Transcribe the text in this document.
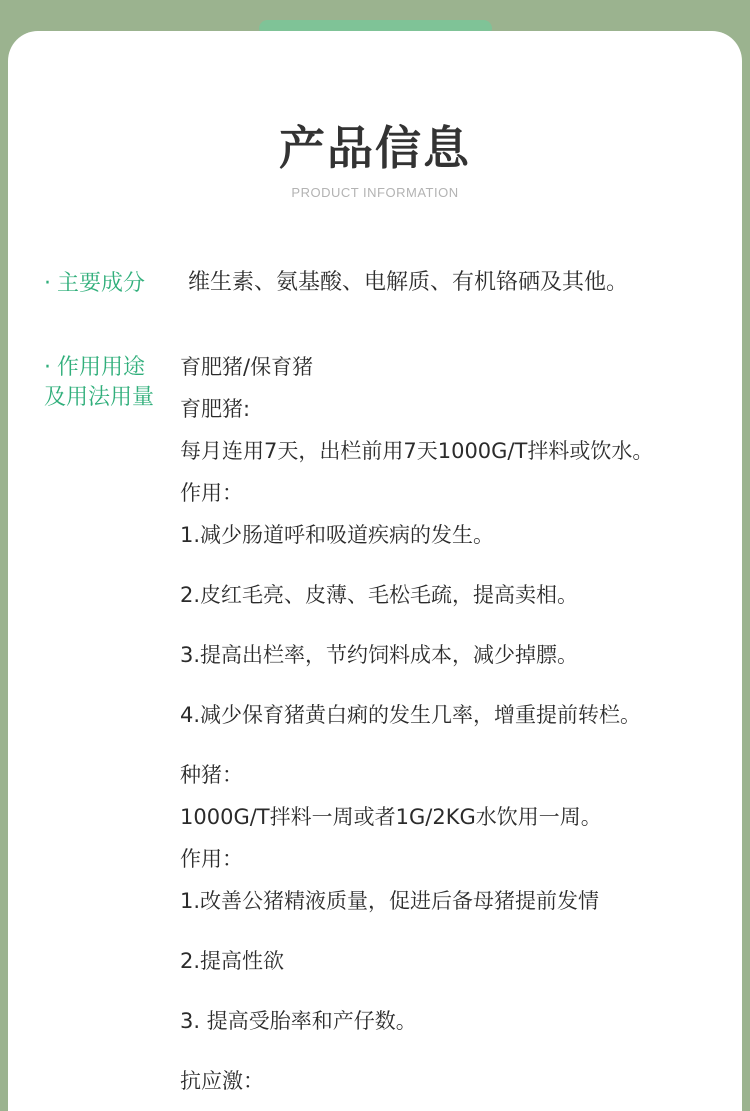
产品信息
PRODUCT INFORMATION
· 主要成分 维生素、氨基酸、电解质、有机铬硒及其他。
· 作用用途
及用法用量
育肥猪/保育猪
育肥猪:
每月连用7天，出栏前用7天1000G/T拌料或饮水。
作用：
1.减少肠道呼和吸道疾病的发生。
2.皮红毛亮、皮薄、毛松毛疏，提高卖相。
3.提高出栏率，节约饲料成本，减少掉膘。
4.减少保育猪黄白痢的发生几率，增重提前转栏。
种猪：
1000G/T拌料一周或者1G/2KG水饮用一周。
作用：
1.改善公猪精液质量，促进后备母猪提前发情
2.提高性欲
3. 提高受胎率和产仔数。
抗应激：
